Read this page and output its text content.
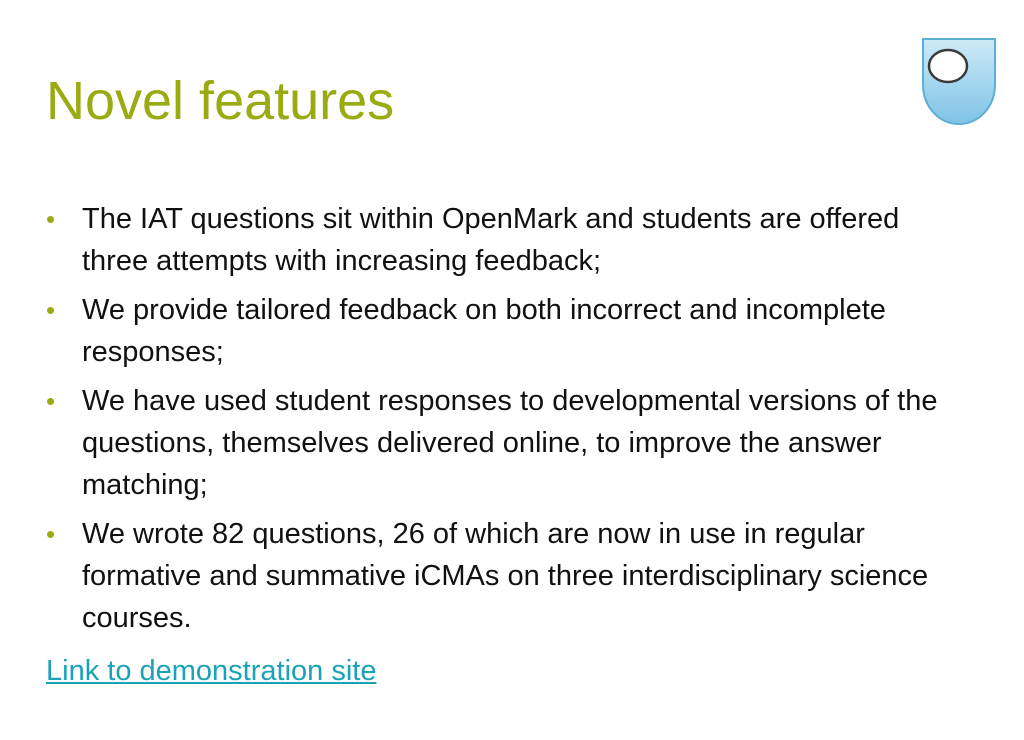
Novel features
• The IAT questions sit within OpenMark and students are offered three attempts with increasing feedback;
• We provide tailored feedback on both incorrect and incomplete responses;
• We have used student responses to developmental versions of the questions, themselves delivered online, to improve the answer matching;
• We wrote 82 questions, 26 of which are now in use in regular formative and summative iCMAs on three interdisciplinary science courses.
Link to demonstration site
